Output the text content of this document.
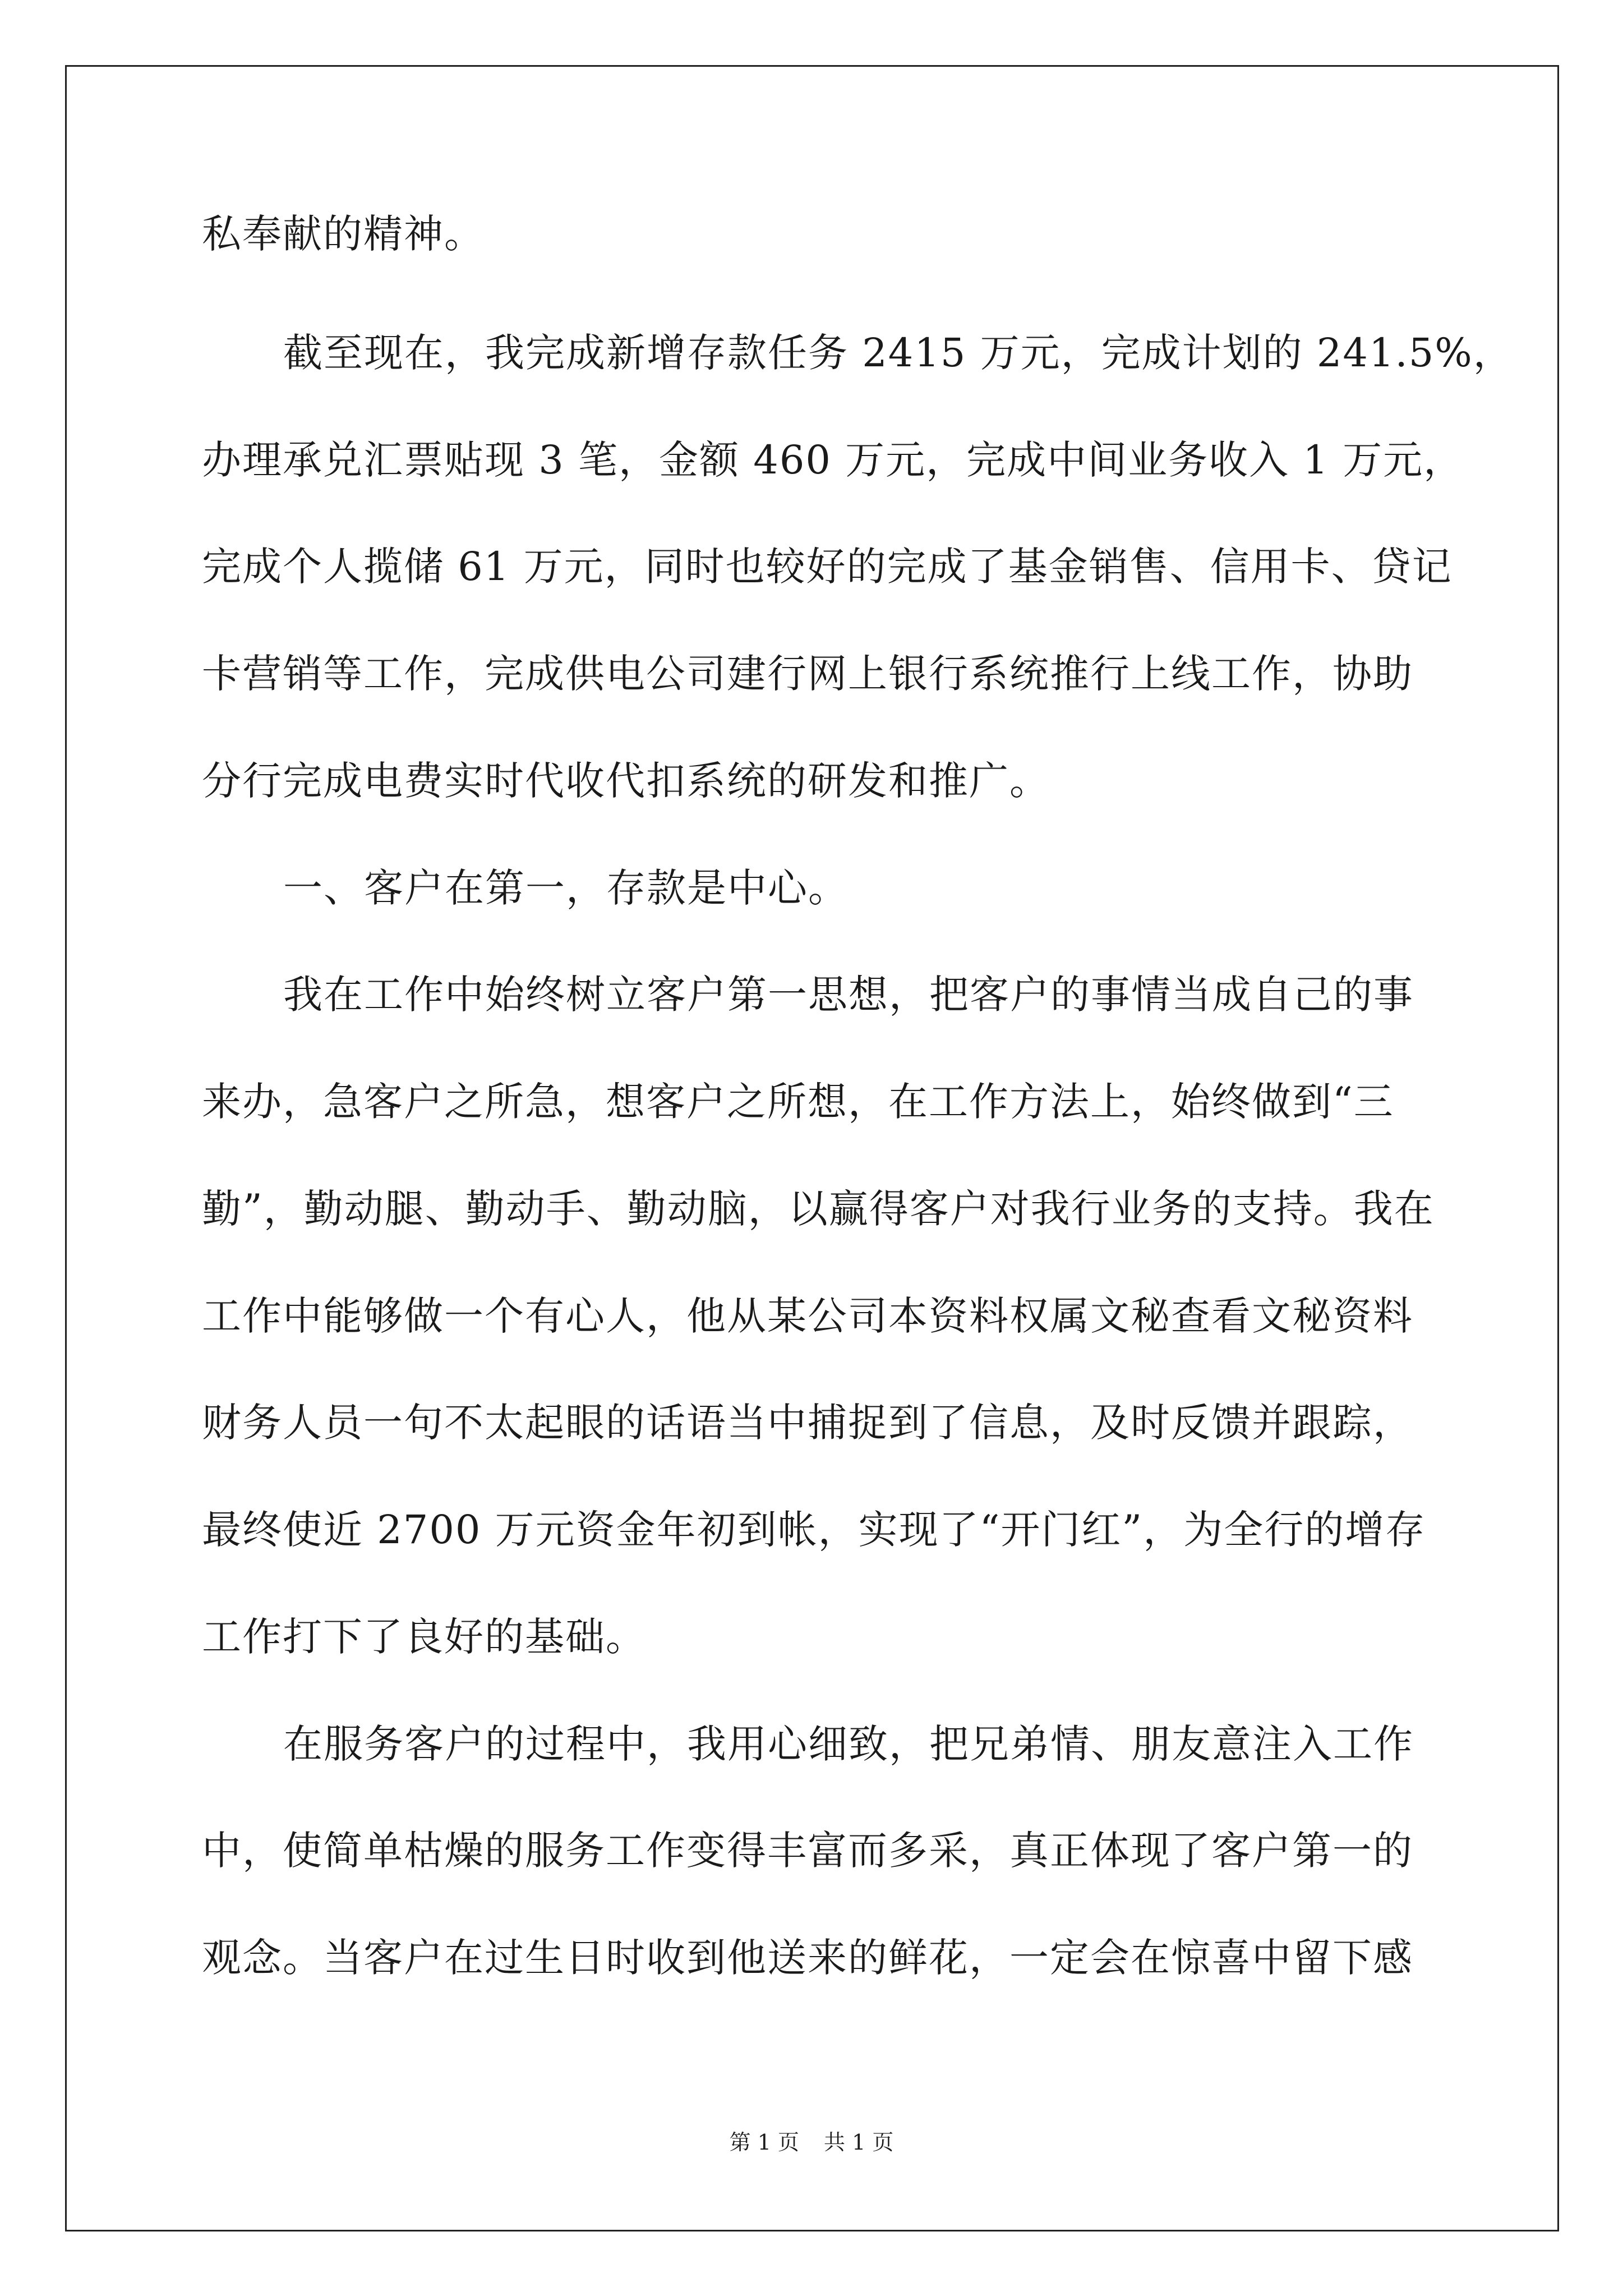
私奉献的精神。
截至现在，我完成新增存款任务 2415 万元，完成计划的 241.5%，
办理承兑汇票贴现 3 笔，金额 460 万元，完成中间业务收入 1 万元，
完成个人揽储 61 万元，同时也较好的完成了基金销售、信用卡、贷记
卡营销等工作，完成供电公司建行网上银行系统推行上线工作，协助
分行完成电费实时代收代扣系统的研发和推广。
一、客户在第一，存款是中心。
我在工作中始终树立客户第一思想，把客户的事情当成自己的事
来办，急客户之所急，想客户之所想，在工作方法上，始终做到“三
勤”，勤动腿、勤动手、勤动脑，以赢得客户对我行业务的支持。我在
工作中能够做一个有心人，他从某公司本资料权属文秘查看文秘资料
财务人员一句不太起眼的话语当中捕捉到了信息，及时反馈并跟踪，
最终使近 2700 万元资金年初到帐，实现了“开门红”，为全行的增存
工作打下了良好的基础。
在服务客户的过程中，我用心细致，把兄弟情、朋友意注入工作
中，使简单枯燥的服务工作变得丰富而多采，真正体现了客户第一的
观念。当客户在过生日时收到他送来的鲜花，一定会在惊喜中留下感
第 1 页 共 1 页
